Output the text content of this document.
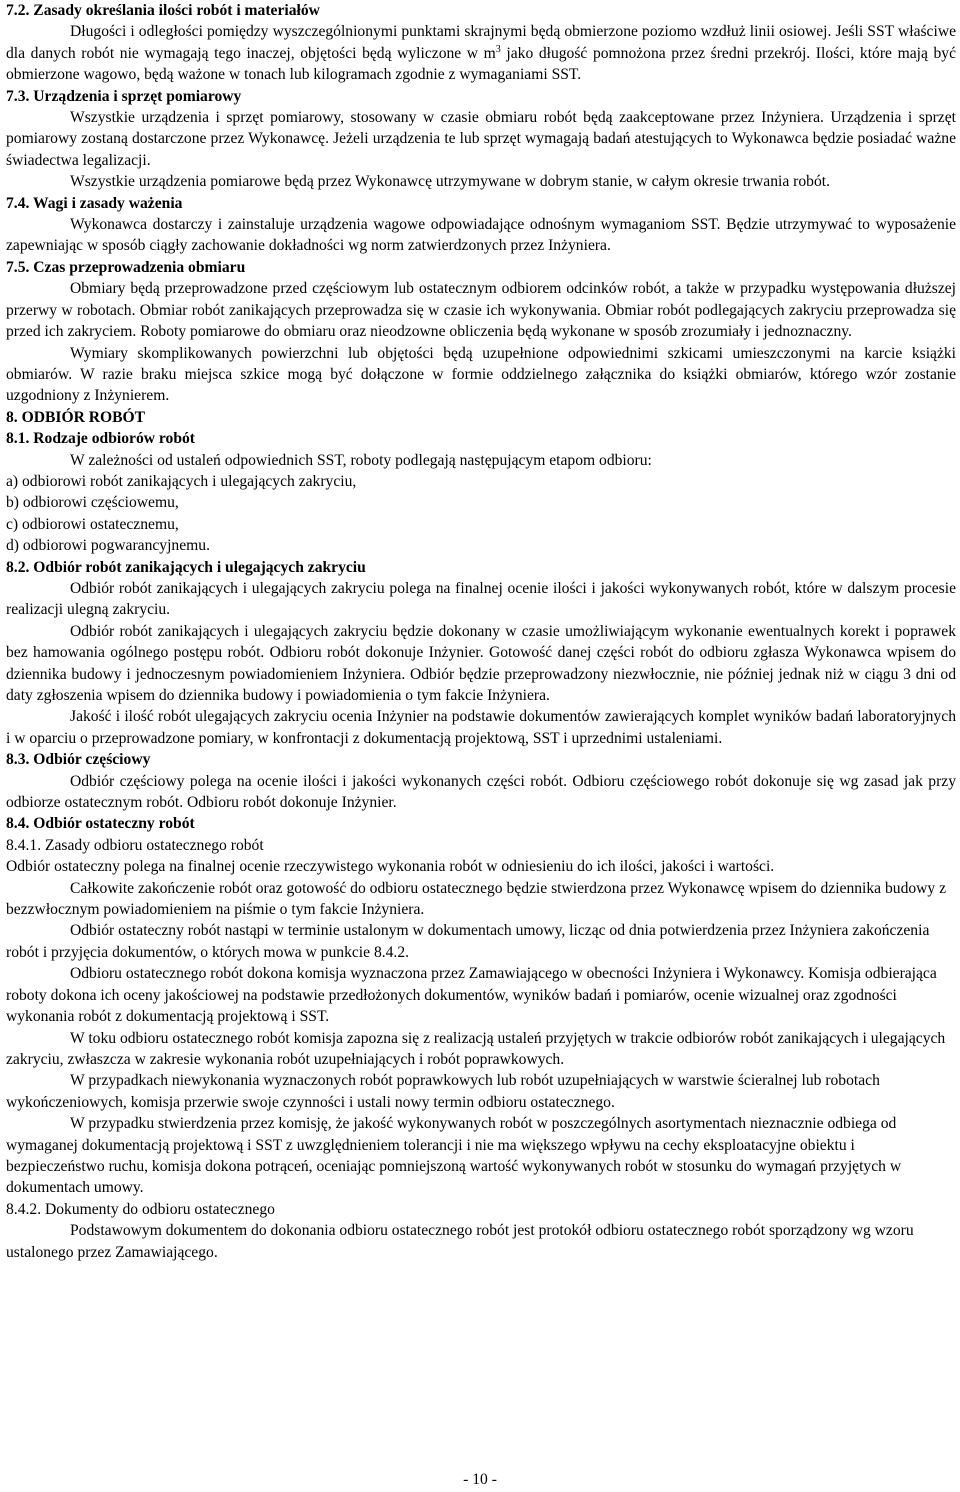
7.2. Zasady określania ilości robót i materiałów

Długości i odległości pomiędzy wyszczególnionymi punktami skrajnymi będą obmierzone poziomo wzdłuż linii osiowej. Jeśli SST właściwe dla danych robót nie wymagają tego inaczej, objętości będą wyliczone w $m^3$ jako długość pomnożona przez średni przekrój. Ilości, które mają być obmierzone wagowo, będą ważone w tonach lub kilogramach zgodnie z wymaganiami SST.

7.3. Urządzenia i sprzęt pomiarowy

Wszystkie urządzenia i sprzęt pomiarowy, stosowany w czasie obmiaru robót będą zaakceptowane przez Inżyniera. Urządzenia i sprzęt pomiarowy zostaną dostarczone przez Wykonawcę. Jeżeli urządzenia te lub sprzęt wymagają badań atestujących to Wykonawca będzie posiadać ważne świadectwa legalizacji.

Wszystkie urządzenia pomiarowe będą przez Wykonawcę utrzymywane w dobrym stanie, w całym okresie trwania robót.

7.4. Wagi i zasady ważenia

Wykonawca dostarczy i zainstaluje urządzenia wagowe odpowiadające odnośnym wymaganiom SST. Będzie utrzymywać to wyposażenie zapewniając w sposób ciągły zachowanie dokładności wg norm zatwierdzonych przez Inżyniera.

7.5. Czas przeprowadzenia obmiaru

Obmiary będą przeprowadzone przed częściowym lub ostatecznym odbiorem odcinków robót, a także w przypadku występowania dłuższej przerwy w robotach. Obmiar robót zanikających przeprowadza się w czasie ich wykonywania. Obmiar robót podlegających zakryciu przeprowadza się przed ich zakryciem. Roboty pomiarowe do obmiaru oraz nieodzowne obliczenia będą wykonane w sposób zrozumiały i jednoznaczny.

Wymiary skomplikowanych powierzchni lub objętości będą uzupełnione odpowiednimi szkicami umieszczonymi na karcie książki obmiarów. W razie braku miejsca szkice mogą być dołączone w formie oddzielnego załącznika do książki obmiarów, którego wzór zostanie uzgodniony z Inżynierem.

8. ODBIÓR ROBÓT

8.1. Rodzaje odbiorów robót

W zależności od ustaleń odpowiednich SST, roboty podlegają następującym etapom odbioru:

a) odbiorowi robót zanikających i ulegających zakryciu,

b) odbiorowi częściowemu,

c) odbiorowi ostatecznemu,

d) odbiorowi pogwarancyjnemu.

8.2. Odbiór robót zanikających i ulegających zakryciu

Odbiór robót zanikających i ulegających zakryciu polega na finalnej ocenie ilości i jakości wykonywanych robót, które w dalszym procesie realizacji ulegną zakryciu.

Odbiór robót zanikających i ulegających zakryciu będzie dokonany w czasie umożliwiającym wykonanie ewentualnych korekt i poprawek bez hamowania ogólnego postępu robót. Odbioru robót dokonuje Inżynier. Gotowość danej części robót do odbioru zgłasza Wykonawca wpisem do dziennika budowy i jednoczesnym powiadomieniem Inżyniera. Odbiór będzie przeprowadzony niezwłocznie, nie później jednak niż w ciągu 3 dni od daty zgłoszenia wpisem do dziennika budowy i powiadomienia o tym fakcie Inżyniera.

Jakość i ilość robót ulegających zakryciu ocenia Inżynier na podstawie dokumentów zawierających komplet wyników badań laboratoryjnych i w oparciu o przeprowadzone pomiary, w konfrontacji z dokumentacją projektową, SST i uprzednimi ustaleniami.

8.3. Odbiór częściowy

Odbiór częściowy polega na ocenie ilości i jakości wykonanych części robót. Odbioru częściowego robót dokonuje się wg zasad jak przy odbiorze ostatecznym robót. Odbioru robót dokonuje Inżynier.

8.4. Odbiór ostateczny robót

8.4.1. Zasady odbioru ostatecznego robót

Odbiór ostateczny polega na finalnej ocenie rzeczywistego wykonania robót w odniesieniu do ich ilości, jakości i wartości.

Całkowite zakończenie robót oraz gotowość do odbioru ostatecznego będzie stwierdzona przez Wykonawcę wpisem do dziennika budowy z bezzwłocznym powiadomieniem na piśmie o tym fakcie Inżyniera.

Odbiór ostateczny robót nastąpi w terminie ustalonym w dokumentach umowy, licząc od dnia potwierdzenia przez Inżyniera zakończenia robót i przyjęcia dokumentów, o których mowa w punkcie 8.4.2.

Odbioru ostatecznego robót dokona komisja wyznaczona przez Zamawiającego w obecności Inżyniera i Wykonawcy. Komisja odbierająca roboty dokona ich oceny jakościowej na podstawie przedłożonych dokumentów, wyników badań i pomiarów, ocenie wizualnej oraz zgodności wykonania robót z dokumentacją projektową i SST.

W toku odbioru ostatecznego robót komisja zapozna się z realizacją ustaleń przyjętych w trakcie odbiorów robót zanikających i ulegających zakryciu, zwłaszcza w zakresie wykonania robót uzupełniających i robót poprawkowych.

W przypadkach niewykonania wyznaczonych robót poprawkowych lub robót uzupełniających w warstwie ścieralnej lub robotach wykończeniowych, komisja przerwie swoje czynności i ustali nowy termin odbioru ostatecznego.

W przypadku stwierdzenia przez komisję, że jakość wykonywanych robót w poszczególnych asortymentach nieznacznie odbiega od wymaganej dokumentacją projektową i SST z uwzględnieniem tolerancji i nie ma większego wpływu na cechy eksploatacyjne obiektu i bezpieczeństwo ruchu, komisja dokona potrąceń, oceniając pomniejszoną wartość wykonywanych robót w stosunku do wymagań przyjętych w dokumentach umowy.

8.4.2. Dokumenty do odbioru ostatecznego

Podstawowym dokumentem do dokonania odbioru ostatecznego robót jest protokół odbioru ostatecznego robót sporządzony wg wzoru ustalonego przez Zamawiającego.

- 10 -
